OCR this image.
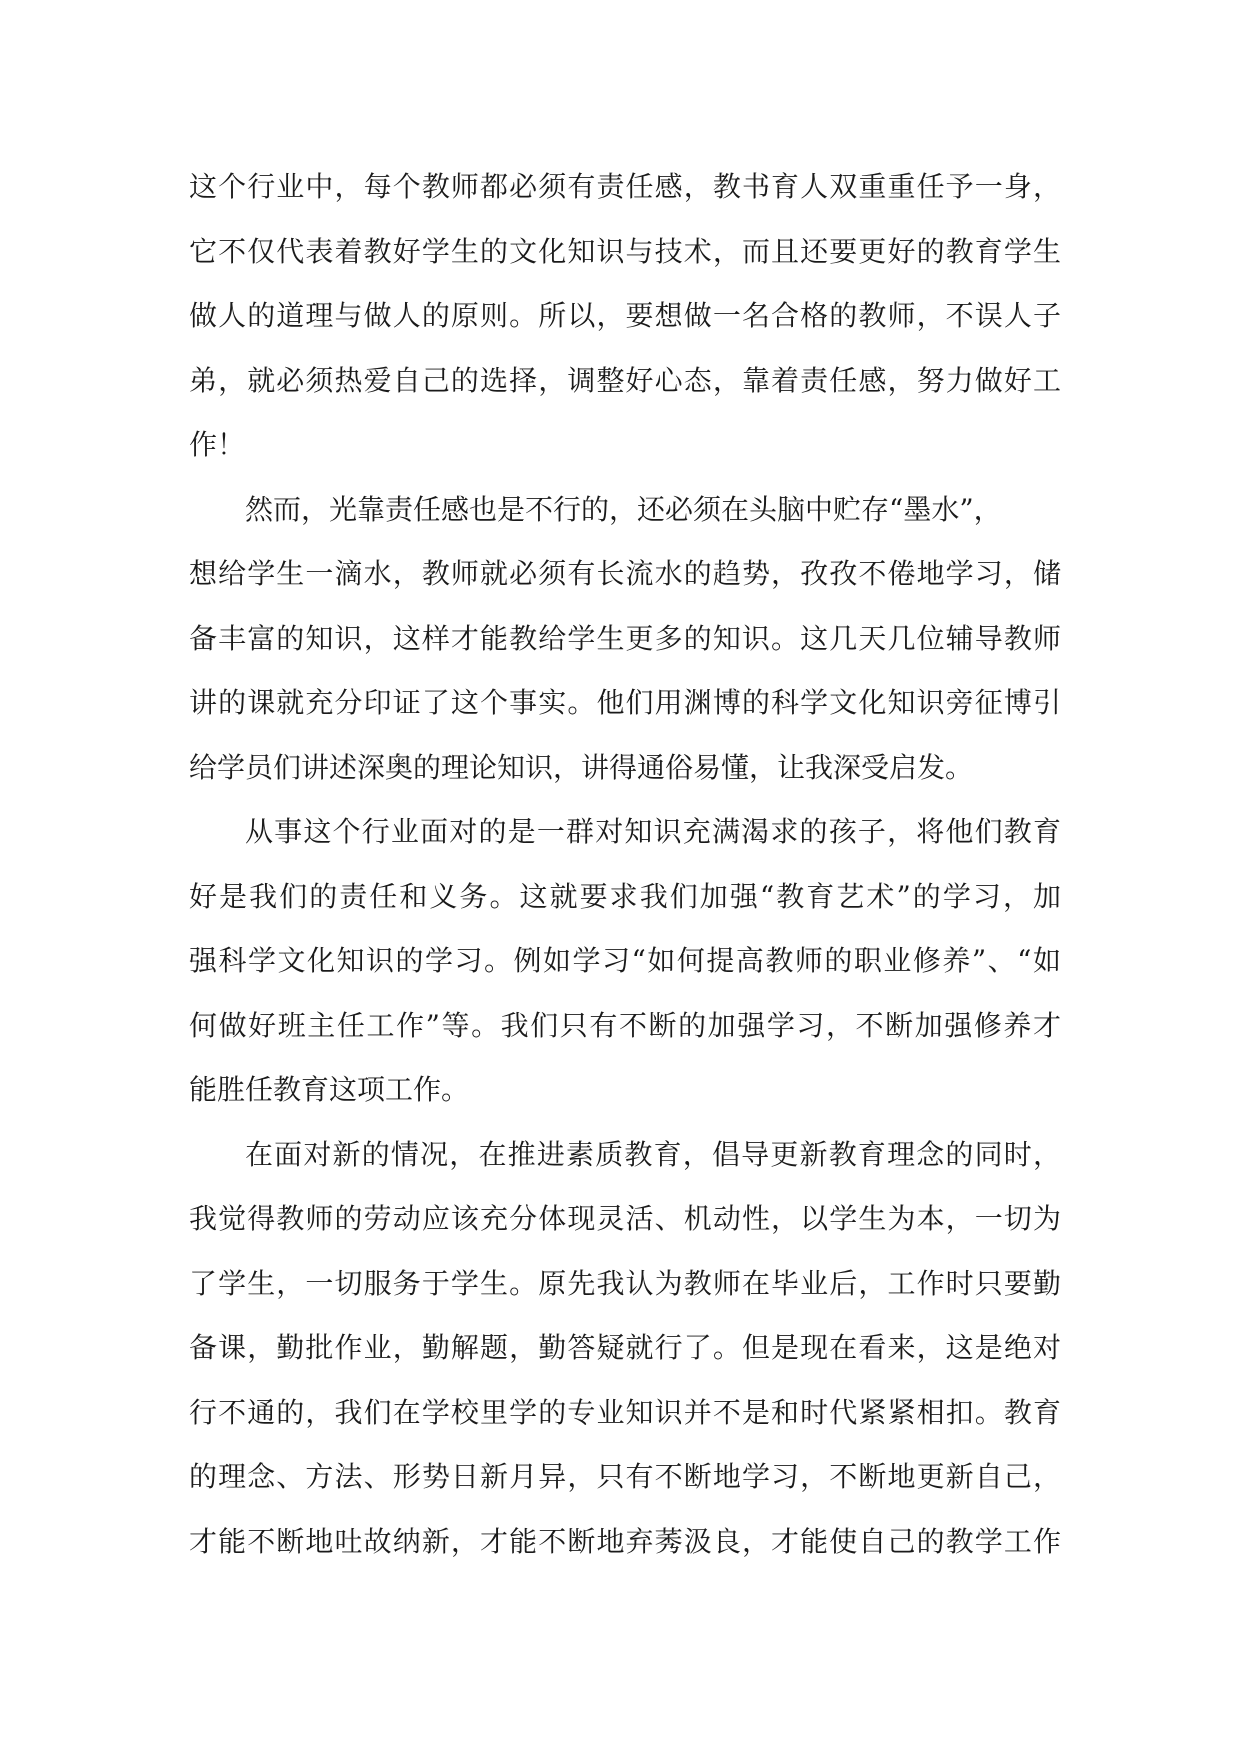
这个行业中，每个教师都必须有责任感，教书育人双重重任予一身，
它不仅代表着教好学生的文化知识与技术，而且还要更好的教育学生
做人的道理与做人的原则。所以，要想做一名合格的教师，不误人子
弟，就必须热爱自己的选择，调整好心态，靠着责任感，努力做好工
作！
然而，光靠责任感也是不行的，还必须在头脑中贮存“墨水”，
想给学生一滴水，教师就必须有长流水的趋势，孜孜不倦地学习，储
备丰富的知识，这样才能教给学生更多的知识。这几天几位辅导教师
讲的课就充分印证了这个事实。他们用渊博的科学文化知识旁征博引
给学员们讲述深奥的理论知识，讲得通俗易懂，让我深受启发。
从事这个行业面对的是一群对知识充满渴求的孩子，将他们教育
好是我们的责任和义务。这就要求我们加强“教育艺术”的学习，加
强科学文化知识的学习。例如学习“如何提高教师的职业修养”、“如
何做好班主任工作”等。我们只有不断的加强学习，不断加强修养才
能胜任教育这项工作。
在面对新的情况，在推进素质教育，倡导更新教育理念的同时，
我觉得教师的劳动应该充分体现灵活、机动性，以学生为本，一切为
了学生，一切服务于学生。原先我认为教师在毕业后，工作时只要勤
备课，勤批作业，勤解题，勤答疑就行了。但是现在看来，这是绝对
行不通的，我们在学校里学的专业知识并不是和时代紧紧相扣。教育
的理念、方法、形势日新月异，只有不断地学习，不断地更新自己，
才能不断地吐故纳新，才能不断地弃莠汲良，才能使自己的教学工作
